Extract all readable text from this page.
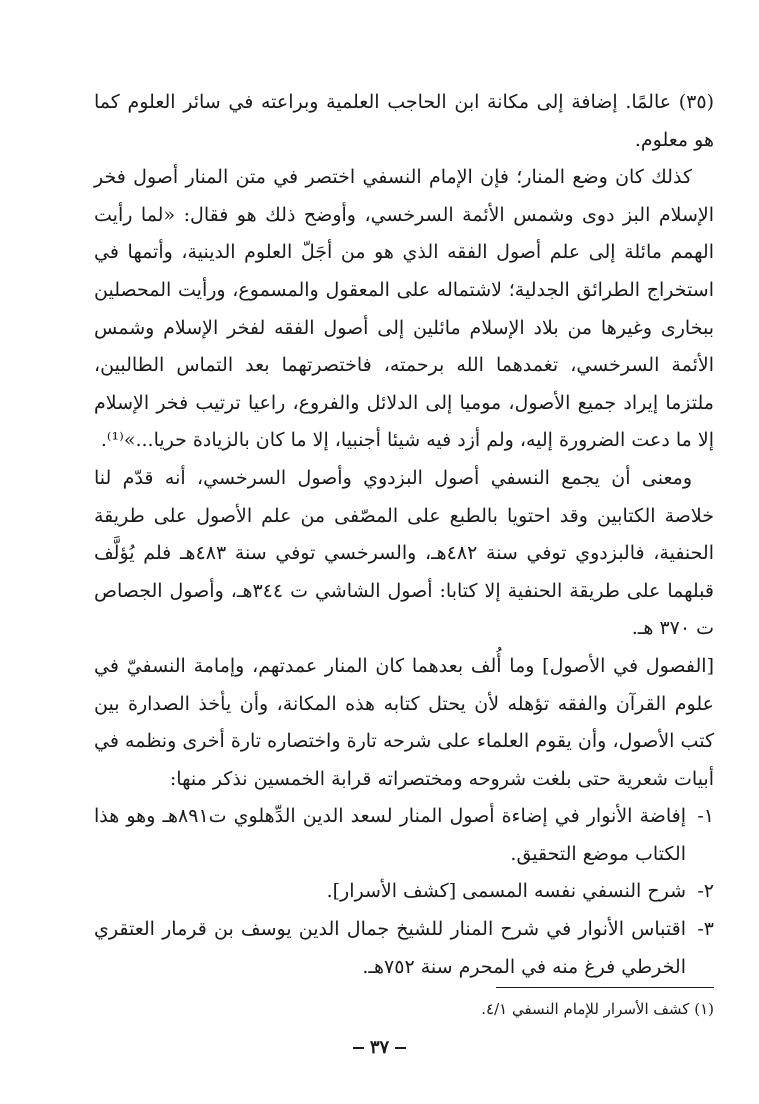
(٣٥) عالمًا. إضافة إلى مكانة ابن الحاجب العلمية وبراعته في سائر العلوم كما هو معلوم.

كذلك كان وضع المنار؛ فإن الإمام النسفي اختصر في متن المنار أصول فخر الإسلام البز دوى وشمس الأئمة السرخسي، وأوضح ذلك هو فقال: «لما رأيت الهمم مائلة إلى علم أصول الفقه الذي هو من أجَلّ العلوم الدينية، وأتمها في استخراج الطرائق الجدلية؛ لاشتماله على المعقول والمسموع، ورأيت المحصلين ببخارى وغيرها من بلاد الإسلام مائلين إلى أصول الفقه لفخر الإسلام وشمس الأئمة السرخسي، تغمدهما الله برحمته، فاختصرتهما بعد التماس الطالبين، ملتزما إيراد جميع الأصول، موميا إلى الدلائل والفروع، راعيا ترتيب فخر الإسلام إلا ما دعت الضرورة إليه، ولم أزد فيه شيئا أجنبيا، إلا ما كان بالزيادة حريا...»⁽¹⁾.

ومعنى أن يجمع النسفي أصول البزدوي وأصول السرخسي، أنه قدّم لنا خلاصة الكتابين وقد احتويا بالطبع على المصّفى من علم الأصول على طريقة الحنفية، فالبزدوي توفي سنة ٤٨٢هـ، والسرخسي توفي سنة ٤٨٣هـ فلم يُؤلَّف قبلهما على طريقة الحنفية إلا كتابا: أصول الشاشي ت ٣٤٤هـ، وأصول الجصاص ت ٣٧٠ هـ.

[الفصول في الأصول] وما أُلف بعدهما كان المنار عمدتهم، وإمامة النسفيّ في علوم القرآن والفقه تؤهله لأن يحتل كتابه هذه المكانة، وأن يأخذ الصدارة بين كتب الأصول، وأن يقوم العلماء على شرحه تارة واختصاره تارة أخرى ونظمه في أبيات شعرية حتى بلغت شروحه ومختصراته قرابة الخمسين نذكر منها:

١-
إفاضة الأنوار في إضاءة أصول المنار لسعد الدين الدِّهلوي ت٨٩١هـ وهو هذا الكتاب موضع التحقيق.
٢-
شرح النسفي نفسه المسمى [كشف الأسرار].
٣-
اقتباس الأنوار في شرح المنار للشيخ جمال الدين يوسف بن قرمار العتقري الخرطي فرغ منه في المحرم سنة ٧٥٢هـ.
(١) كشف الأسرار للإمام النسفي ٤/١.
٣٧
